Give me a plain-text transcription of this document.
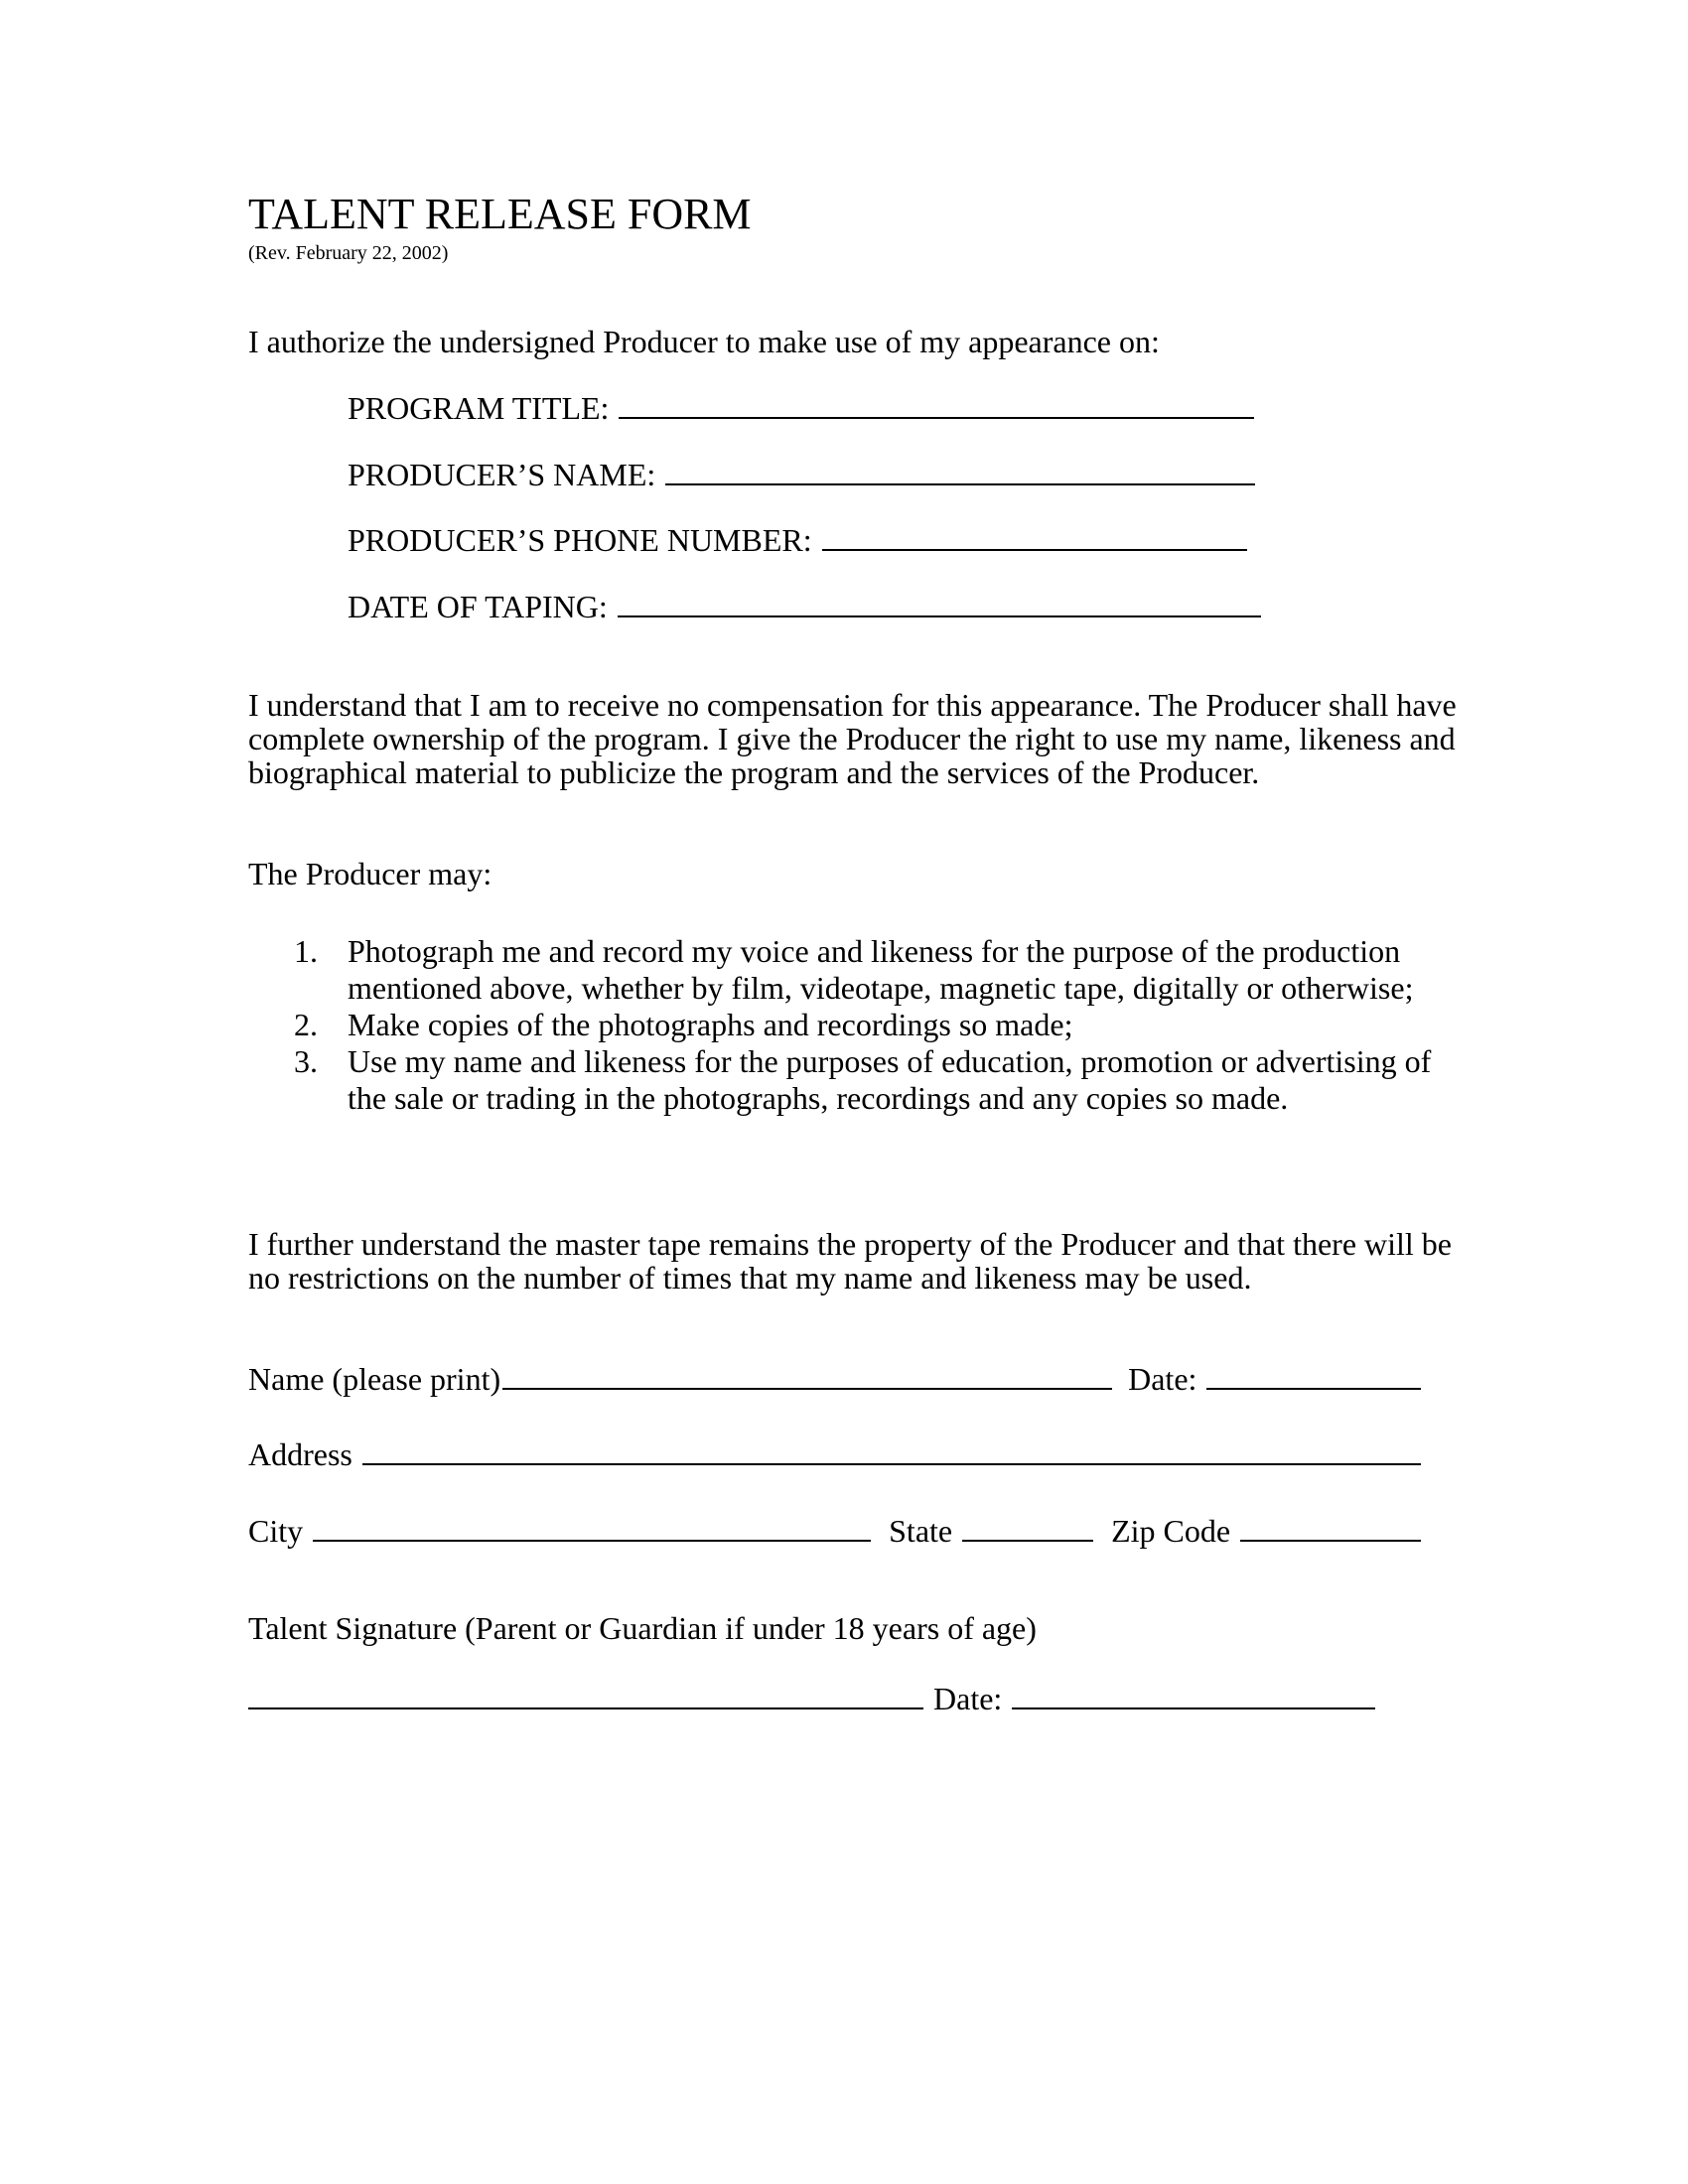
TALENT RELEASE FORM
(Rev. February 22, 2002)
I authorize the undersigned Producer to make use of my appearance on:
PROGRAM TITLE:
PRODUCER’S NAME:
PRODUCER’S PHONE NUMBER:
DATE OF TAPING:
I understand that I am to receive no compensation for this appearance. The Producer shall have complete ownership of the program. I give the Producer the right to use my name, likeness and biographical material to publicize the program and the services of the Producer.
The Producer may:
1. Photograph me and record my voice and likeness for the purpose of the production mentioned above, whether by film, videotape, magnetic tape, digitally or otherwise;
2. Make copies of the photographs and recordings so made;
3. Use my name and likeness for the purposes of education, promotion or advertising of the sale or trading in the photographs, recordings and any copies so made.
I further understand the master tape remains the property of the Producer and that there will be no restrictions on the number of times that my name and likeness may be used.
Name (please print)	Date:
Address
City	State	Zip Code
Talent Signature (Parent or Guardian if under 18 years of age)
Date:
